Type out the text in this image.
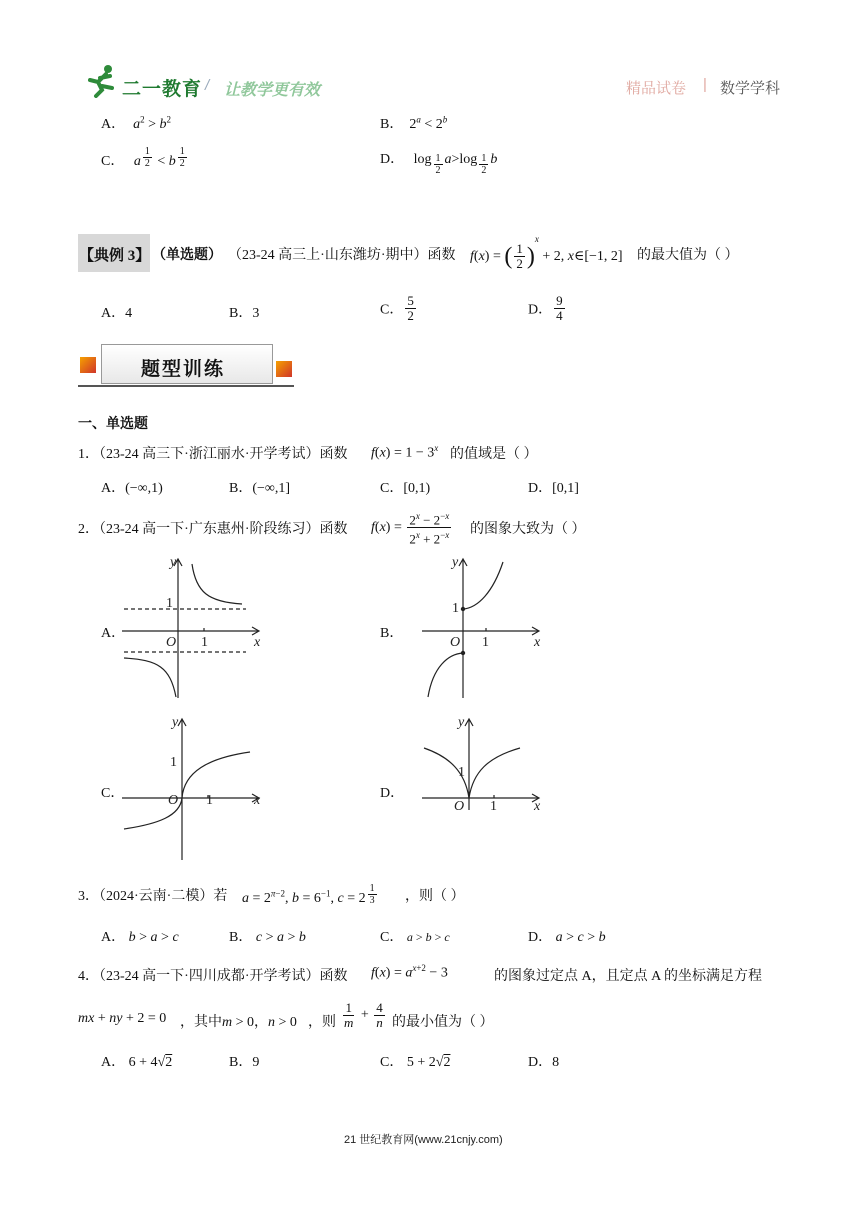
二一教育 / 让教学更有效	精品试卷 | 数学学科
A． $a^2 > b^2$	B． $2^a < 2^b$
C． a $^{\frac{1}{2}}$ < b $^{\frac{1}{2}}$	D． log $_{\frac{1}{2}}$ a>log $_{\frac{1}{2}}$ b
【典例 3】 （单选题） （23-24 高三上·山东潍坊·期中）函数 f(x) = ( $\frac{1}{2} )^x + 2$, x∈[−1, 2] 的最大值为（ ）
A．4	B．3	C． $\frac{5}{2}$	D． $\frac{9}{4}$
题型训练
一、单选题
1．（23-24 高三下·浙江丽水·开学考试）函数 $f(x) = 1 - 3^x$ 的值域是（ ）
A．(−∞,1)	B．(−∞,1]	C．[0,1)	D．[0,1]
2．（23-24 高一下·广东惠州·阶段练习）函数 $f(x) = \frac{2^x - 2^{-x}}{2^x + 2^{-x}}$ 的图象大致为（ ）
A．	B．
C．	D．
y
1
O 1	x
y
1
O 1	x
y
1
O 1	x
y
1
O 1	x
3．（2024·云南·二模）若 $a = 2^{\pi-2}$, $b = 6^{-1}$, c = 2 $^{\frac{1}{3}}$ ，则（ ）
A． b > a > c	B． c > a > b	C． a > b > c	D． a > c > b
4．（23-24 高一下·四川成都·开学考试）函数 $f(x) = a^{x+2} - 3$	的图象过定点 A，且定点 A 的坐标满足方程
mx + ny + 2 = 0 ，其中 m > 0，n > 0 ，则 $\frac{1}{m} + \frac{4}{n}$ 的最小值为（ ）
A． 6 + 4√2	B．9	C． 5 + 2√2	D．8
21 世纪教育网(www.21cnjy.com)
